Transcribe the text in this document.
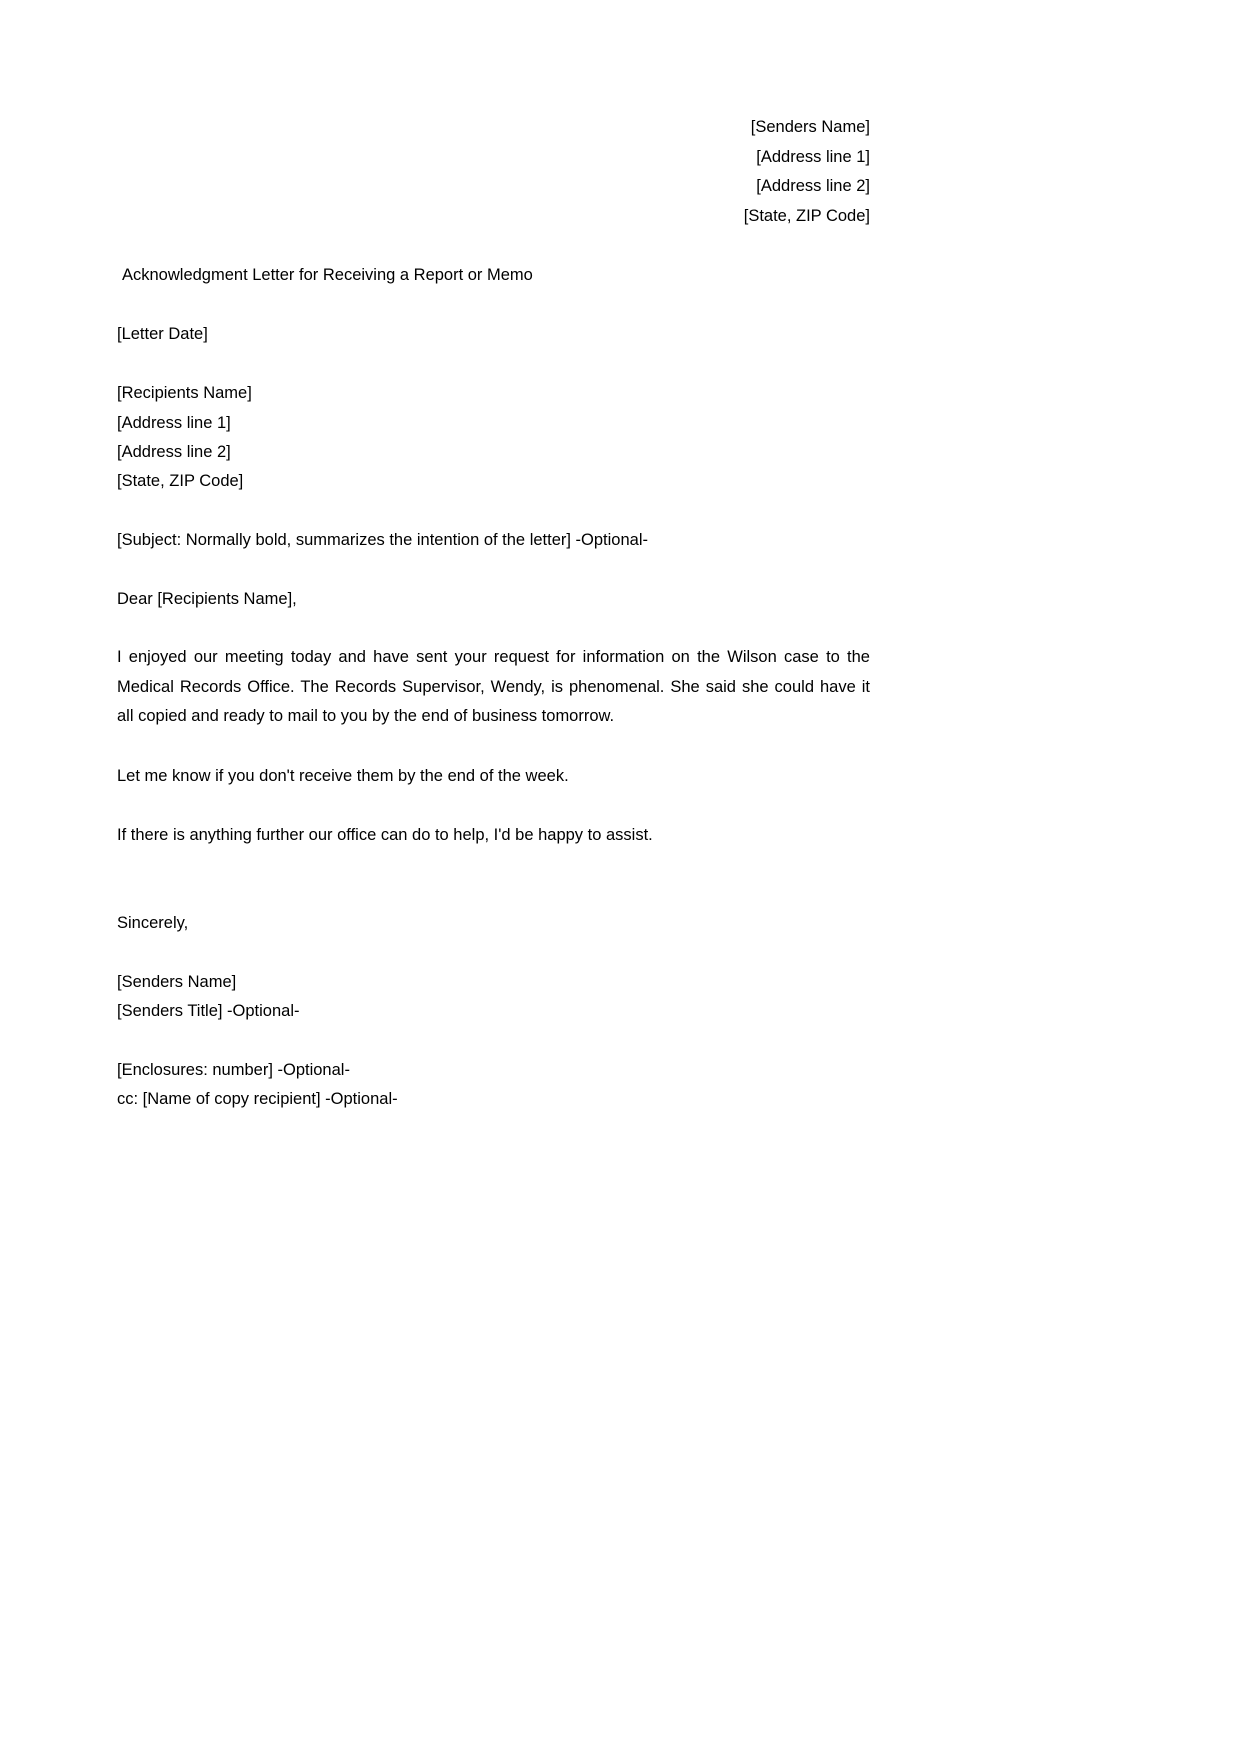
[Senders Name]
[Address line 1]
[Address line 2]
[State, ZIP Code]
Acknowledgment Letter for Receiving a Report or Memo
[Letter Date]
[Recipients Name]
[Address line 1]
[Address line 2]
[State, ZIP Code]
[Subject: Normally bold, summarizes the intention of the letter] -Optional-
Dear [Recipients Name],
I enjoyed our meeting today and have sent your request for information on the Wilson case to the Medical Records Office. The Records Supervisor, Wendy, is phenomenal. She said she could have it all copied and ready to mail to you by the end of business tomorrow.
Let me know if you don't receive them by the end of the week.
If there is anything further our office can do to help, I'd be happy to assist.
Sincerely,
[Senders Name]
[Senders Title] -Optional-
[Enclosures: number] -Optional-
cc: [Name of copy recipient] -Optional-
